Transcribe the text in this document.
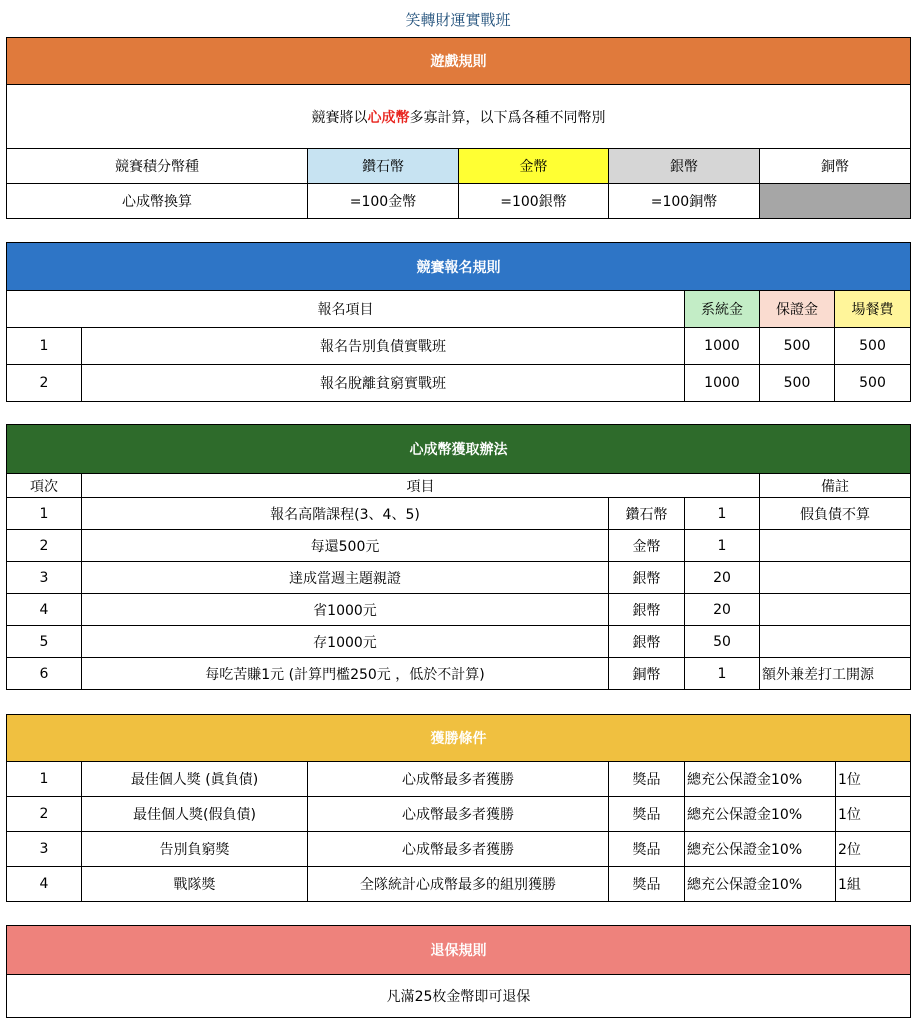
笑轉財運實戰班
遊戲規則				
競賽將以心成幣多寡計算，以下爲各種不同幣別				
競賽積分幣種	鑽石幣	金幣	銀幣	銅幣
心成幣換算	=100金幣	=100銀幣	=100銅幣	
競賽報名規則				
報名項目		系統金	保證金	場餐費
1	報名告別負債實戰班	1000	500	500
2	報名脫離貧窮實戰班	1000	500	500
心成幣獲取辦法				
項次	項目			備註
1	報名高階課程(3、4、5)	鑽石幣	1	假負債不算
2	每還500元	金幣	1	
3	達成當週主題親證	銀幣	20	
4	省1000元	銀幣	20	
5	存1000元	銀幣	50	
6	每吃苦賺1元 (計算門檻250元 ，低於不計算)	銅幣	1	額外兼差打工開源
獲勝條件					
1	最佳個人獎 (眞負債)	心成幣最多者獲勝	獎品	總充公保證金10%	1位
2	最佳個人獎(假負債)	心成幣最多者獲勝	獎品	總充公保證金10%	1位
3	告別負窮獎	心成幣最多者獲勝	獎品	總充公保證金10%	2位
4	戰隊獎	全隊統計心成幣最多的組別獲勝	獎品	總充公保證金10%	1組
退保規則
凡滿25枚金幣即可退保
